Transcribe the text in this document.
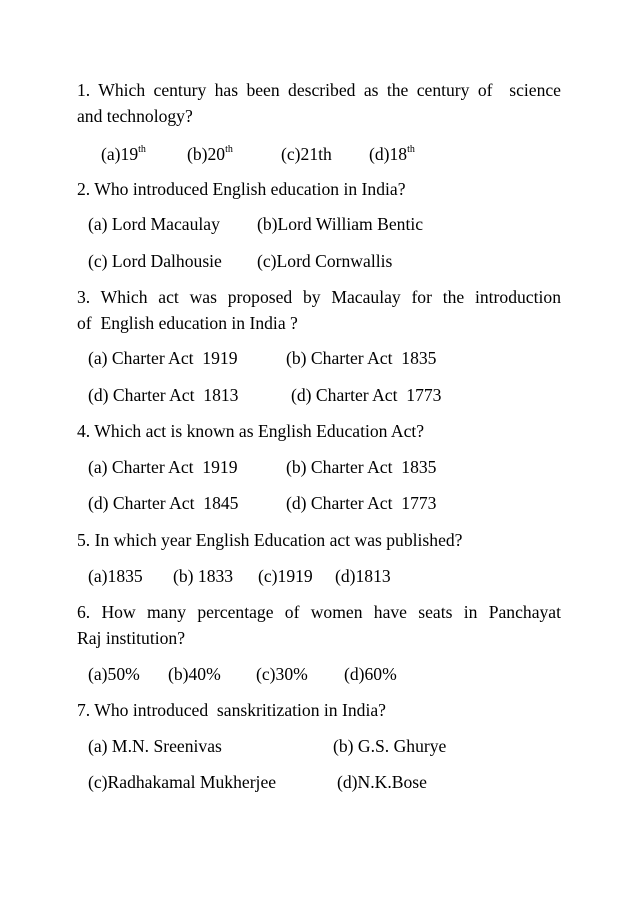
1. Which century has been described as the century of  science
and technology?
(a)19th (b)20th	(c)21th (d)18th
2. Who introduced English education in India?
(a) Lord Macaulay (b)Lord William Bentic
(c) Lord Dalhousie (c)Lord Cornwallis
3. Which act was proposed by Macaulay for the introduction
of  English education in India ?
(a) Charter Act  1919	(b) Charter Act  1835
(d) Charter Act  1813	(d) Charter Act  1773
4. Which act is known as English Education Act?
(a) Charter Act  1919	(b) Charter Act  1835
(d) Charter Act  1845	(d) Charter Act  1773
5. In which year English Education act was published?
(a)1835 (b) 1833 (c)1919 (d)1813
6. How many percentage of women have seats in Panchayat
Raj institution?
(a)50% (b)40% (c)30% (d)60%
7. Who introduced  sanskritization in India?
(a) M.N. Sreenivas	(b) G.S. Ghurye
(c)Radhakamal Mukherjee	(d)N.K.Bose
